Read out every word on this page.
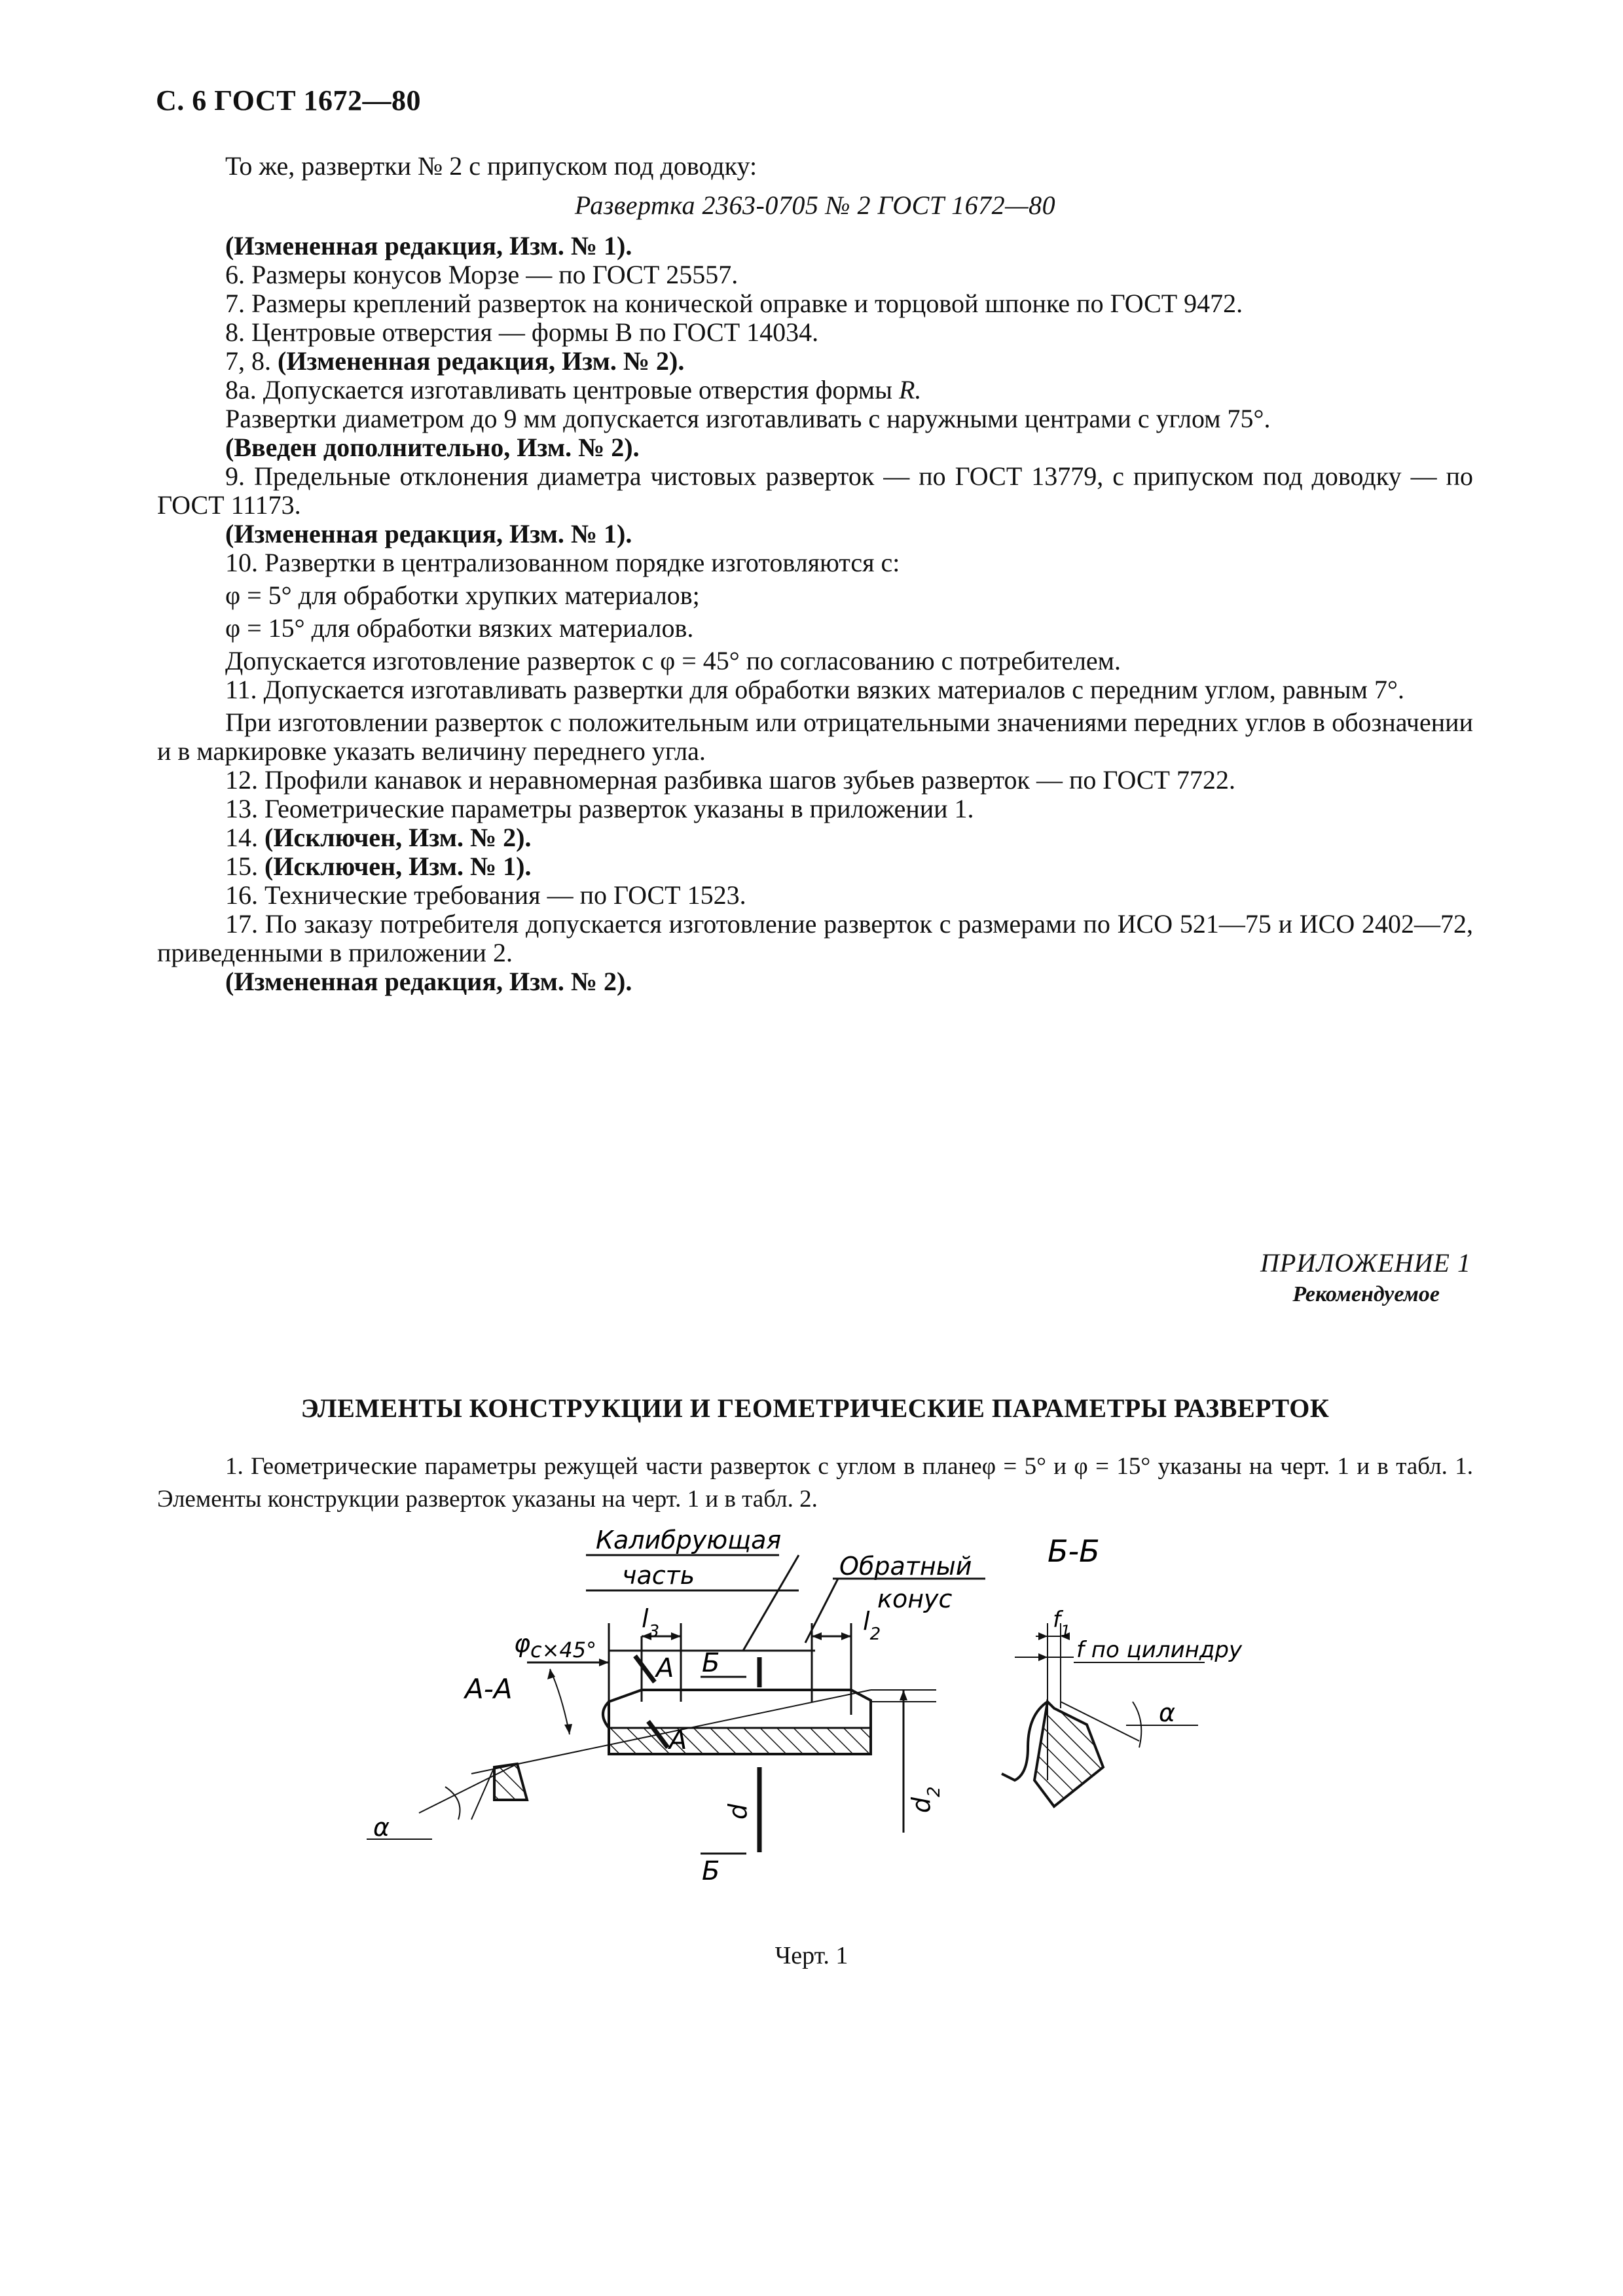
С. 6 ГОСТ 1672—80

То же, развертки № 2 с припуском под доводку:

Развертка 2363-0705 № 2 ГОСТ 1672—80

(Измененная редакция, Изм. № 1).

6. Размеры конусов Морзе — по ГОСТ 25557.

7. Размеры креплений разверток на конической оправке и торцовой шпонке по ГОСТ 9472.

8. Центровые отверстия — формы В по ГОСТ 14034.

7, 8. (Измененная редакция, Изм. № 2).

8а. Допускается изготавливать центровые отверстия формы R.

Развертки диаметром до 9 мм допускается изготавливать с наружными центрами с углом 75°.

(Введен дополнительно, Изм. № 2).

9. Предельные отклонения диаметра чистовых разверток — по ГОСТ 13779, с припуском под доводку — по ГОСТ 11173.

(Измененная редакция, Изм. № 1).

10. Развертки в централизованном порядке изготовляются с:

φ = 5° для обработки хрупких материалов;

φ = 15° для обработки вязких материалов.

Допускается изготовление разверток с φ = 45° по согласованию с потребителем.

11. Допускается изготавливать развертки для обработки вязких материалов с передним углом, равным 7°.

При изготовлении разверток с положительным или отрицательными значениями передних углов в обозначении и в маркировке указать величину переднего угла.

12. Профили канавок и неравномерная разбивка шагов зубьев разверток — по ГОСТ 7722.

13. Геометрические параметры разверток указаны в приложении 1.

14. (Исключен, Изм. № 2).

15. (Исключен, Изм. № 1).

16. Технические требования — по ГОСТ 1523.

17. По заказу потребителя допускается изготовление разверток с размерами по ИСО 521—75 и ИСО 2402—72, приведенными в приложении 2.

(Измененная редакция, Изм. № 2).

ПРИЛОЖЕНИЕ 1
Рекомендуемое
ЭЛЕМЕНТЫ КОНСТРУКЦИИ И ГЕОМЕТРИЧЕСКИЕ ПАРАМЕТРЫ РАЗВЕРТОК

1. Геометрические параметры режущей части разверток с углом в планеφ = 5° и φ = 15° указаны на черт. 1 и в табл. 1. Элементы конструкции разверток указаны на черт. 1 и в табл. 2.

Калибрующая
часть	Обратный
конус
$l_3$	$l_2$
c×45°
A
A
Б
Б
$d_2$
d
φ
A-A
α
Б-Б
$f_1$
f по цилиндру
α
Черт. 1
